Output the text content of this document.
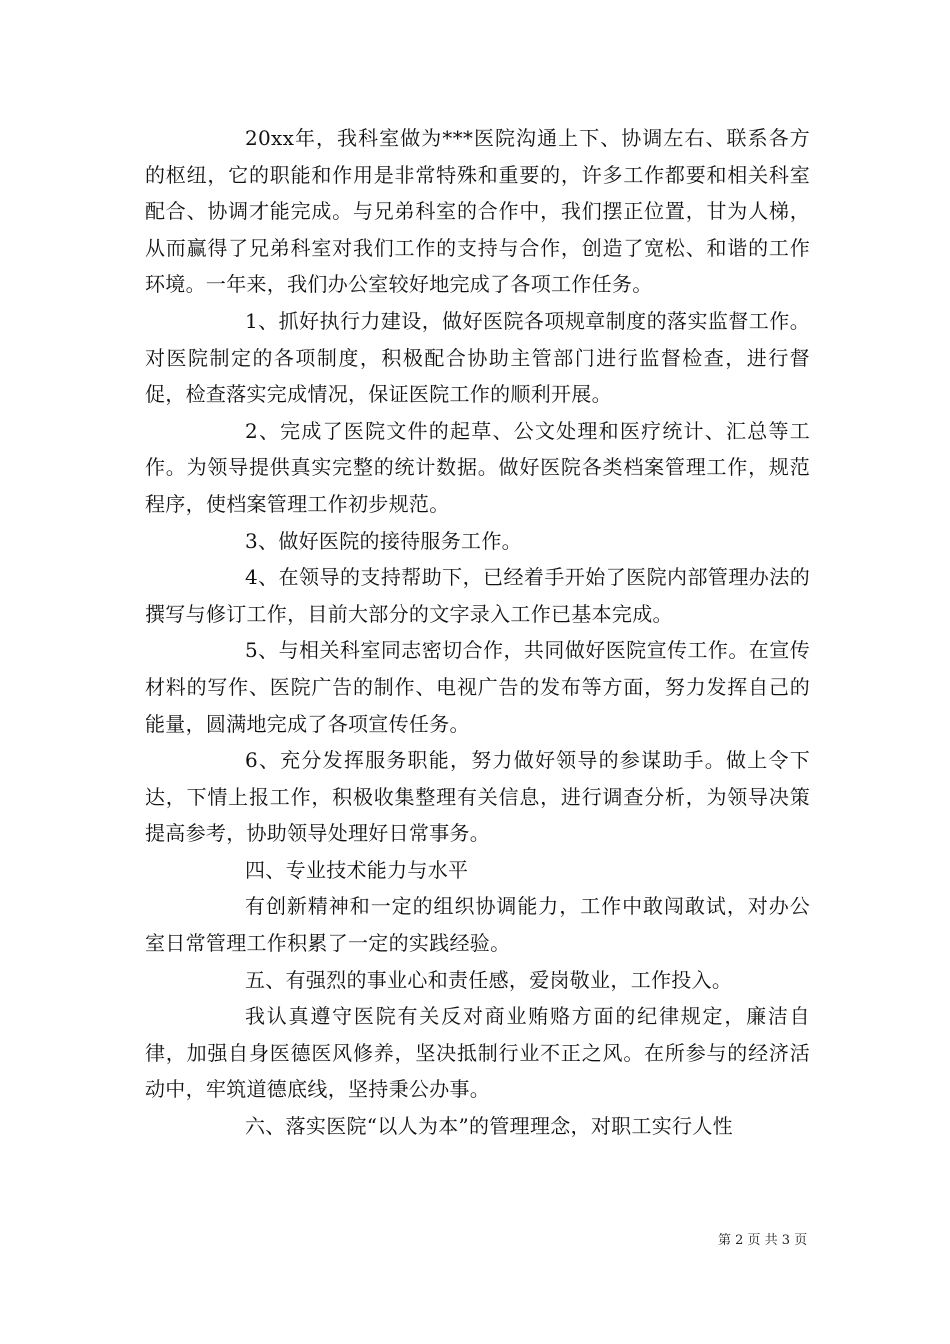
20xx年，我科室做为***医院沟通上下、协调左右、联系各方的枢纽，它的职能和作用是非常特殊和重要的，许多工作都要和相关科室配合、协调才能完成。与兄弟科室的合作中，我们摆正位置，甘为人梯，从而赢得了兄弟科室对我们工作的支持与合作，创造了宽松、和谐的工作环境。一年来，我们办公室较好地完成了各项工作任务。

1、抓好执行力建设，做好医院各项规章制度的落实监督工作。对医院制定的各项制度，积极配合协助主管部门进行监督检查，进行督促，检查落实完成情况，保证医院工作的顺利开展。

2、完成了医院文件的起草、公文处理和医疗统计、汇总等工作。为领导提供真实完整的统计数据。做好医院各类档案管理工作，规范程序，使档案管理工作初步规范。

3、做好医院的接待服务工作。

4、在领导的支持帮助下，已经着手开始了医院内部管理办法的撰写与修订工作，目前大部分的文字录入工作已基本完成。

5、与相关科室同志密切合作，共同做好医院宣传工作。在宣传材料的写作、医院广告的制作、电视广告的发布等方面，努力发挥自己的能量，圆满地完成了各项宣传任务。

6、充分发挥服务职能，努力做好领导的参谋助手。做上令下达，下情上报工作，积极收集整理有关信息，进行调查分析，为领导决策提高参考，协助领导处理好日常事务。

四、专业技术能力与水平

有创新精神和一定的组织协调能力，工作中敢闯敢试，对办公室日常管理工作积累了一定的实践经验。

五、有强烈的事业心和责任感，爱岗敬业，工作投入。

我认真遵守医院有关反对商业贿赂方面的纪律规定，廉洁自律，加强自身医德医风修养，坚决抵制行业不正之风。在所参与的经济活动中，牢筑道德底线，坚持秉公办事。

六、落实医院“以人为本”的管理理念，对职工实行人性

第 2 页 共 3 页
